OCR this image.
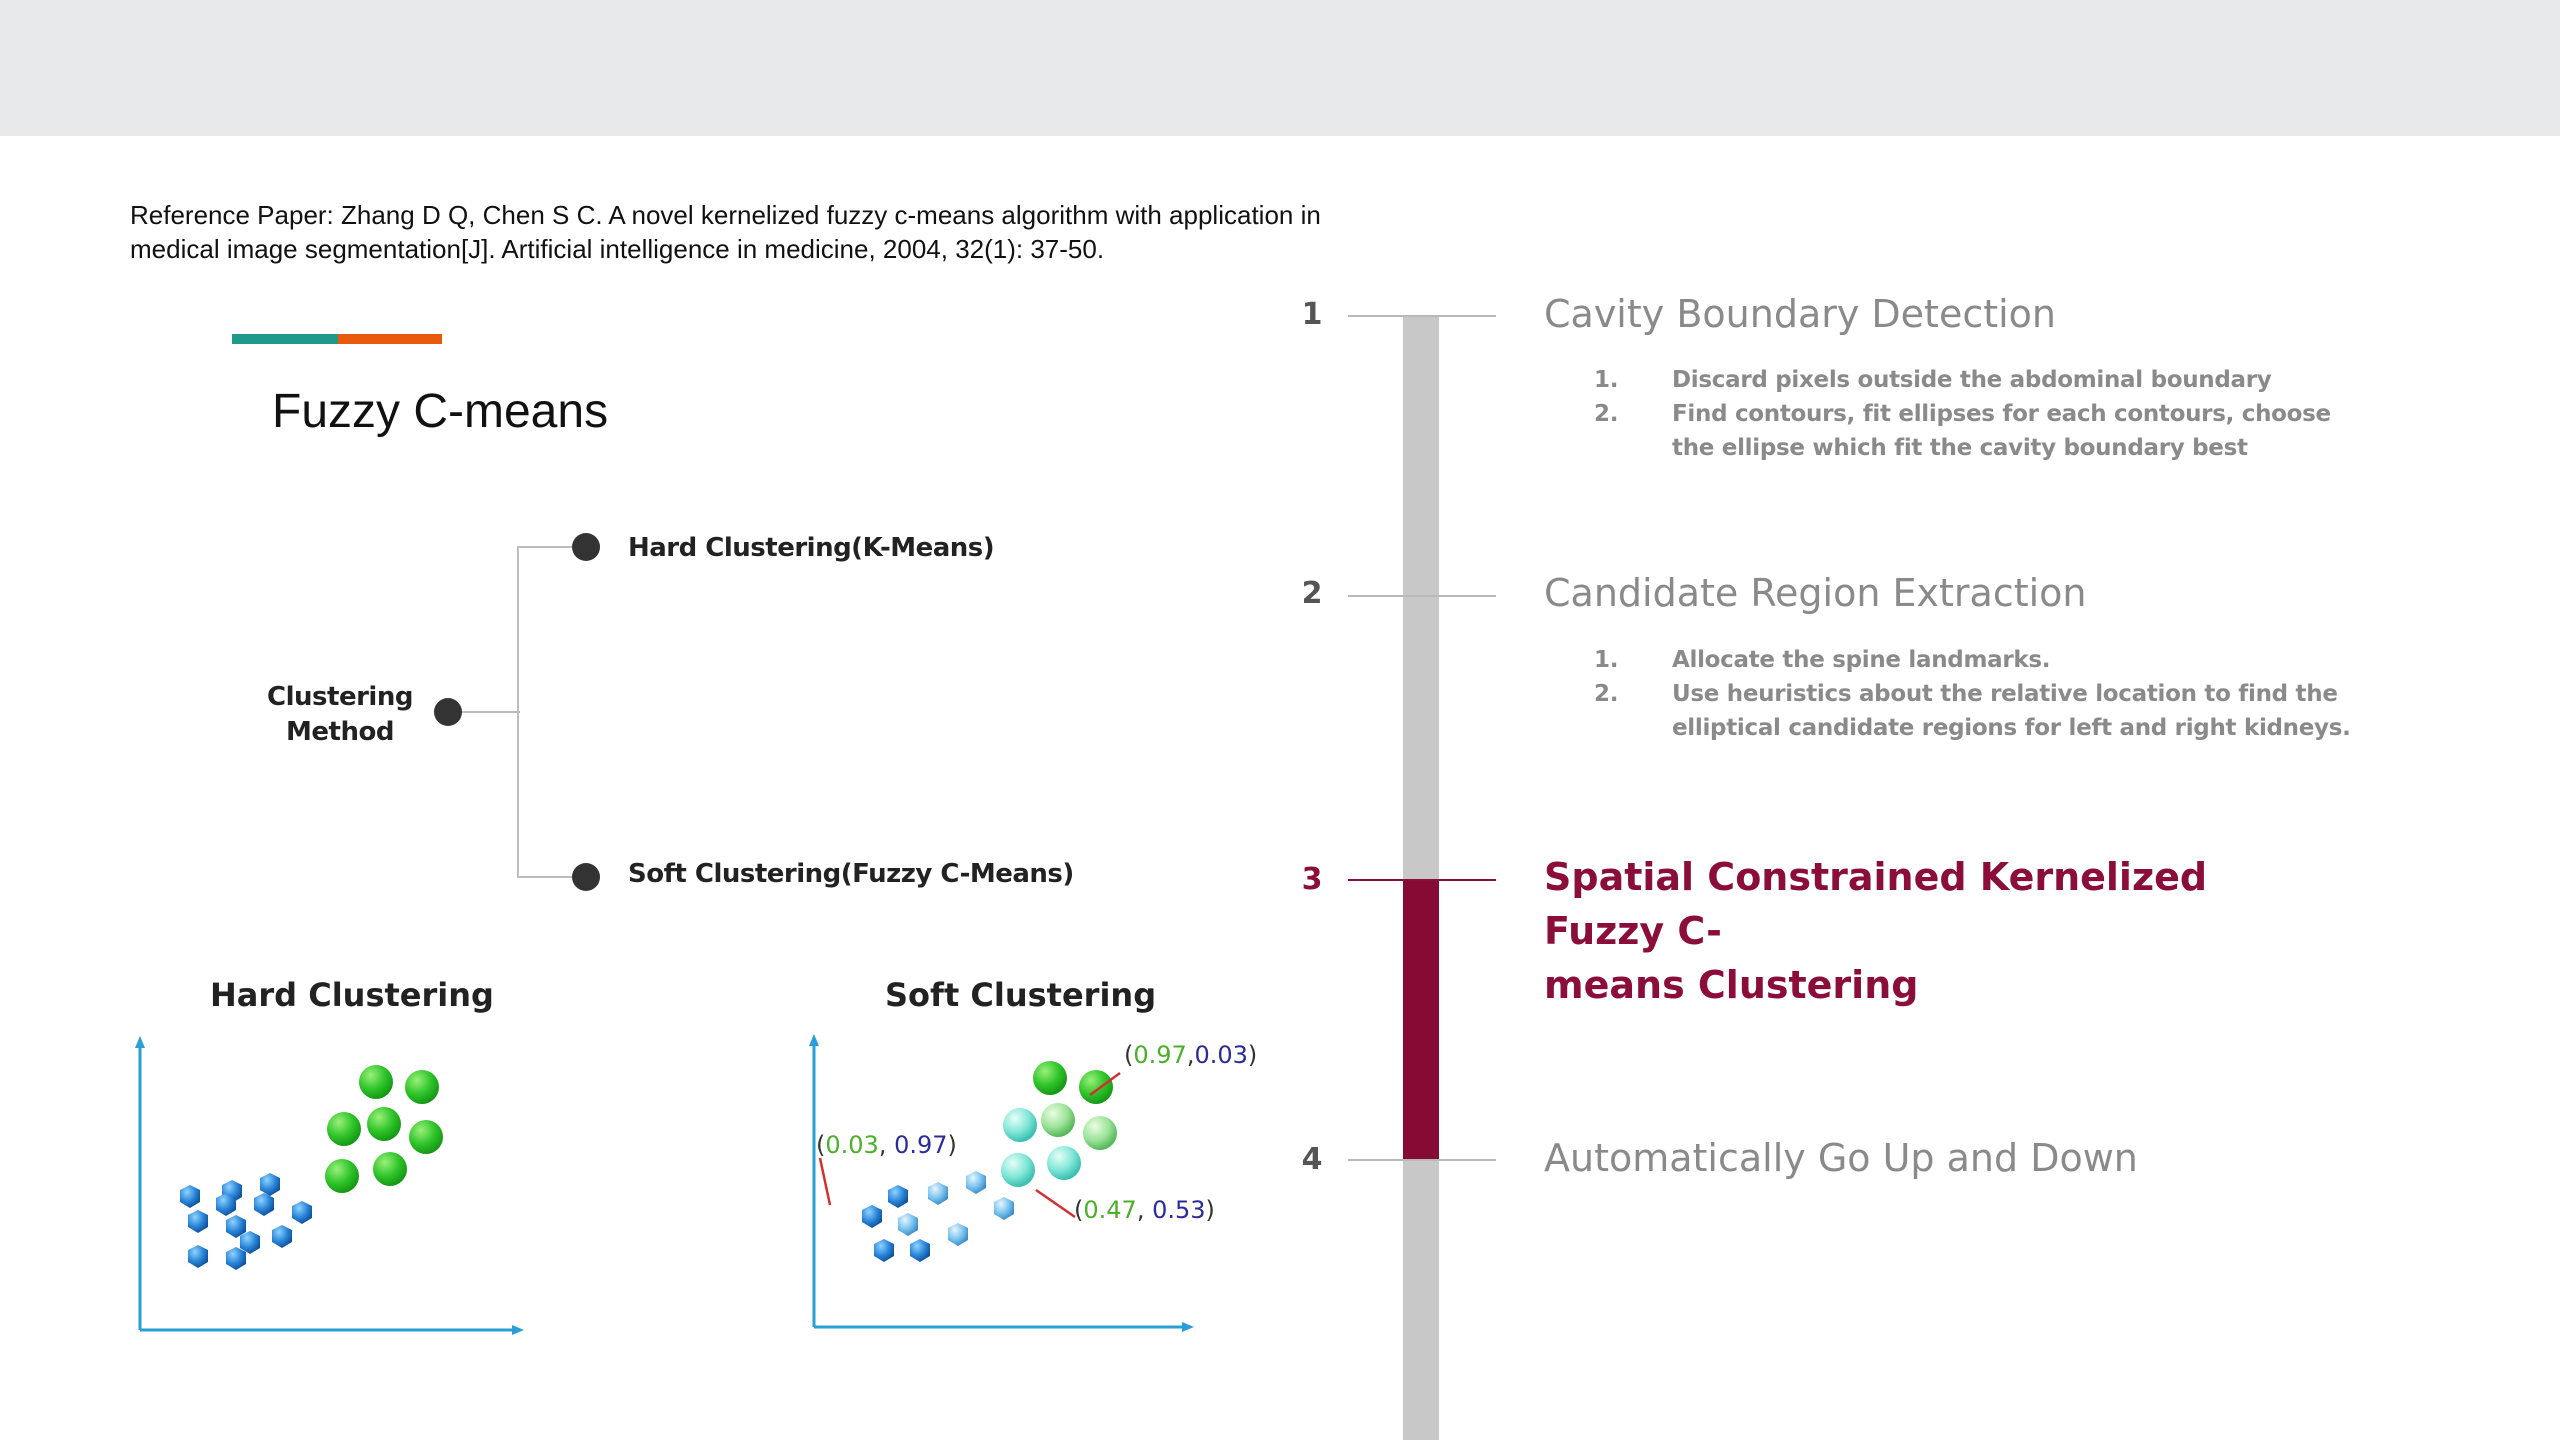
Reference Paper: Zhang D Q, Chen S C. A novel kernelized fuzzy c-means algorithm with application in medical image segmentation[J]. Artificial intelligence in medicine, 2004, 32(1): 37-50.
Fuzzy C-means
Clustering
Method
Hard Clustering(K-Means)
Soft Clustering(Fuzzy C-Means)
Hard Clustering	Soft Clustering
(0.97,0.03)
(0.03, 0.97)
(0.47, 0.53)
1	Cavity Boundary Detection
1.	Discard pixels outside the abdominal boundary
2.	Find contours, fit ellipses for each contours, choose the ellipse which fit the cavity boundary best
2	Candidate Region Extraction
1.	Allocate the spine landmarks.
2.	Use heuristics about the relative location to find the elliptical candidate regions for left and right kidneys.
3	Spatial Constrained Kernelized Fuzzy C-
means Clustering
4	Automatically Go Up and Down
